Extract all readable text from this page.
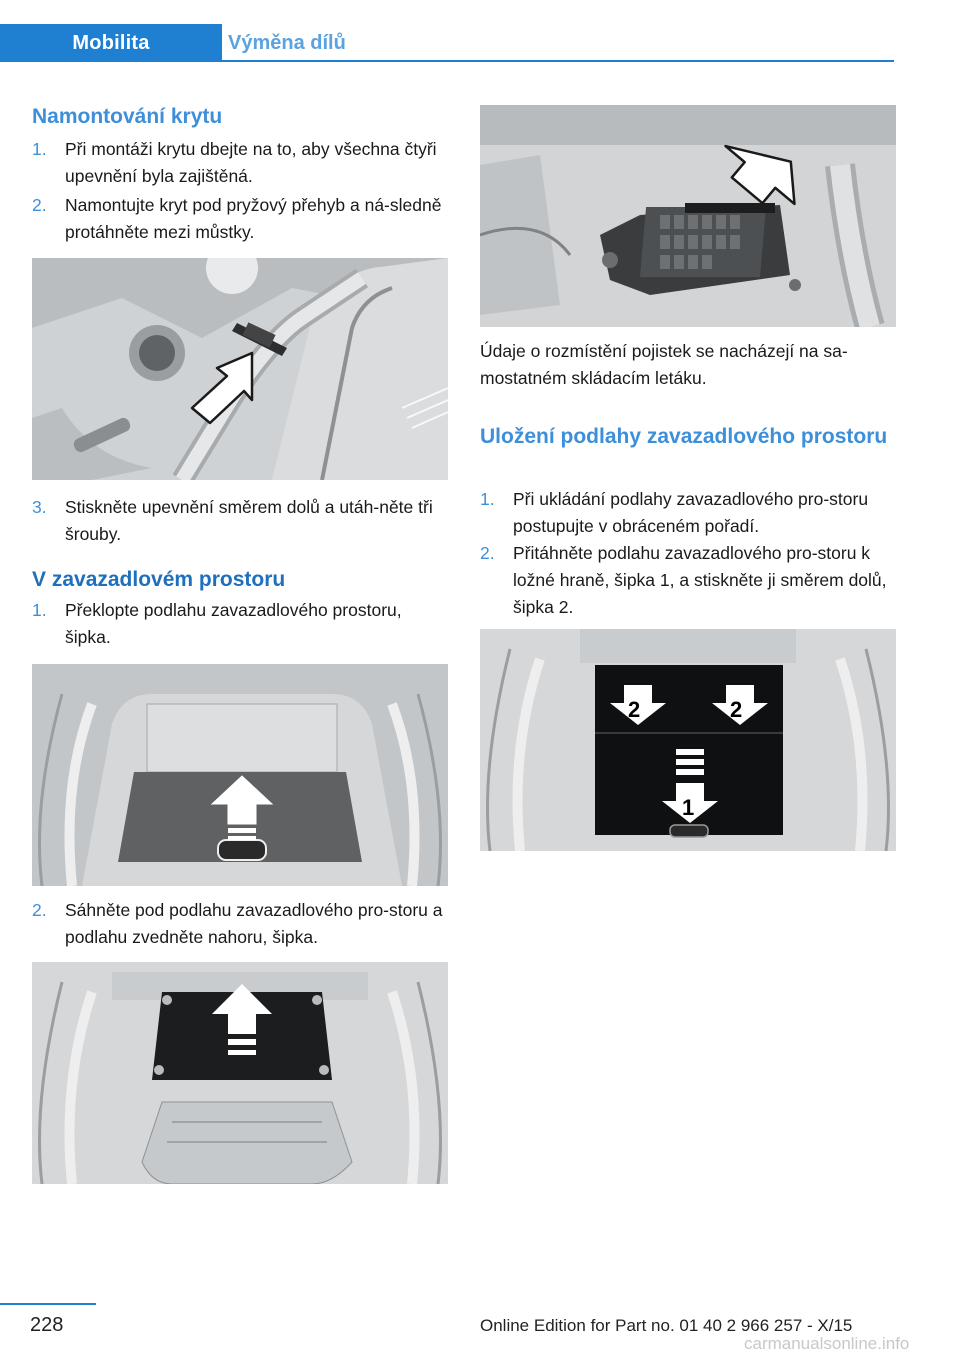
Mobilita	Výměna dílů
Namontování krytu
1. Při montáži krytu dbejte na to, aby všechna čtyři upevnění byla zajištěná.
2. Namontujte kryt pod pryžový přehyb a ná‐sledně protáhněte mezi můstky.
3. Stiskněte upevnění směrem dolů a utáh‐něte tři šrouby.
V zavazadlovém prostoru
1. Překlopte podlahu zavazadlového prostoru, šipka.
2. Sáhněte pod podlahu zavazadlového pro‐storu a podlahu zvedněte nahoru, šipka.

Údaje o rozmístění pojistek se nacházejí na sa‐mostatném skládacím letáku.

Uložení podlahy zavazadlového prostoru
1. Při ukládání podlahy zavazadlového pro‐storu postupujte v obráceném pořadí.
2. Přitáhněte podlahu zavazadlového pro‐storu k ložné hraně, šipka 1, a stiskněte ji směrem dolů, šipka 2.
2	2
1
228	Online Edition for Part no. 01 40 2 966 257 - X/15
carmanualsonline.info
